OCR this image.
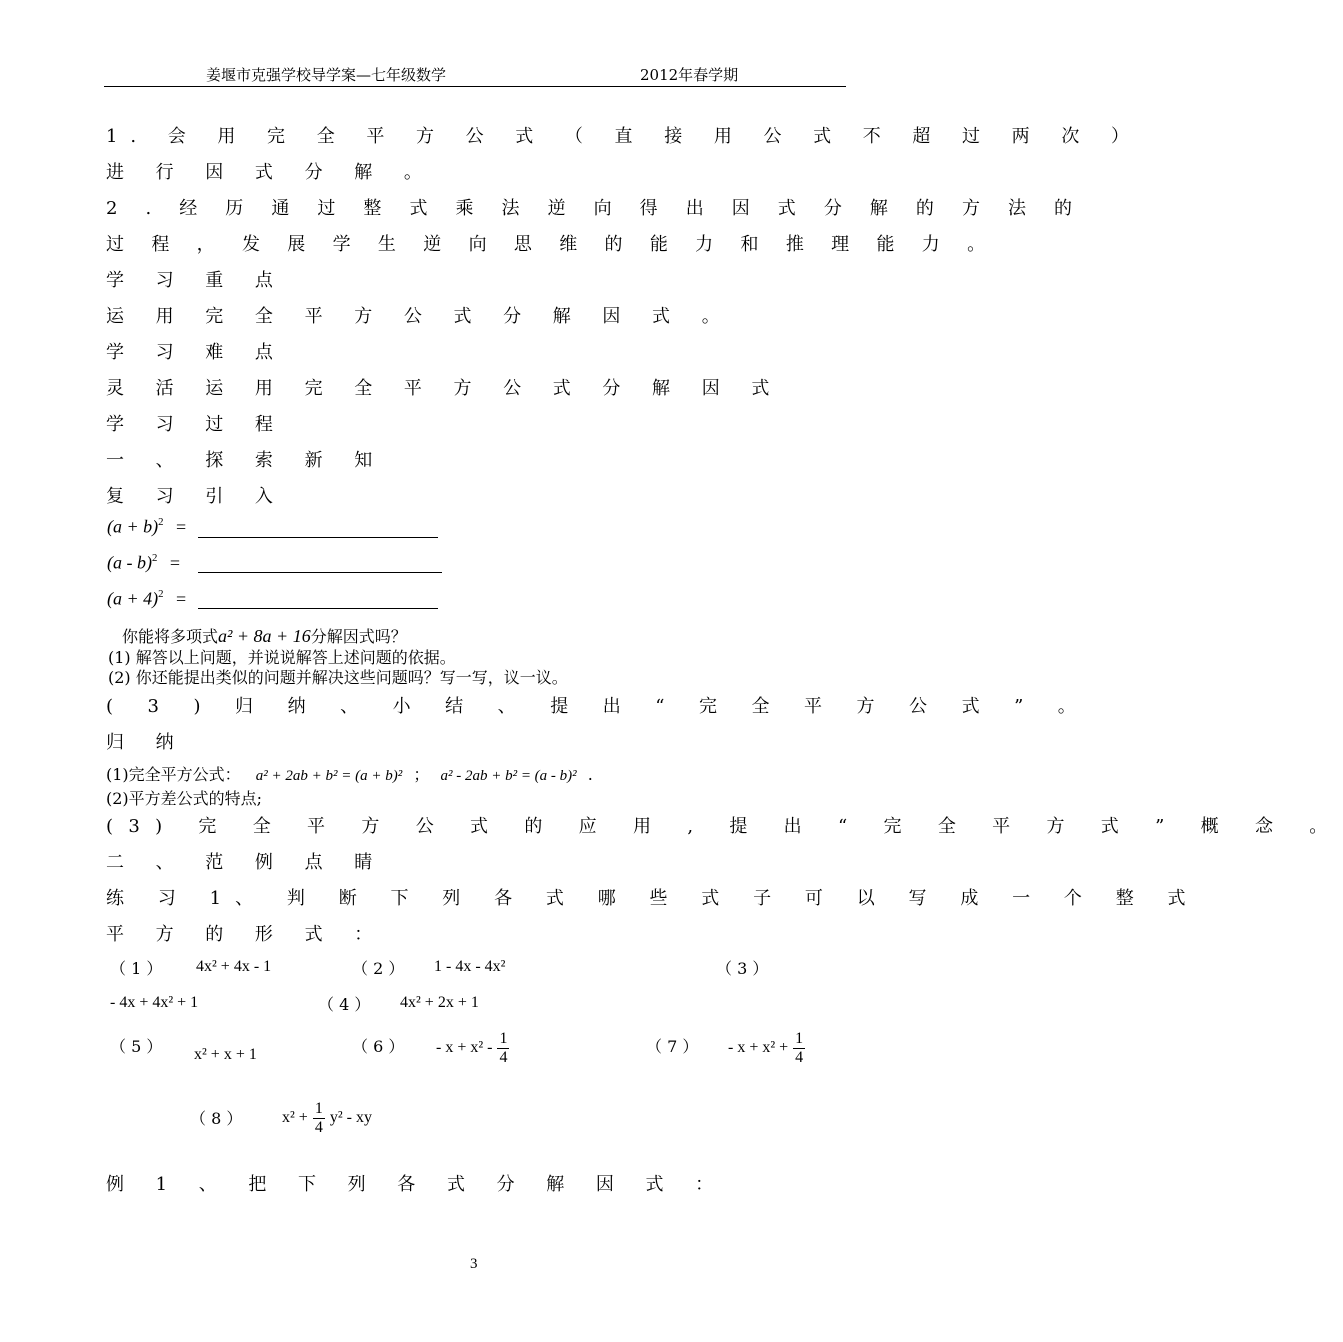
姜堰市克强学校导学案—七年级数学	2012年春学期
1. 会 用 完 全 平 方 公 式 （ 直 接 用 公 式 不 超 过 两 次 ）
进 行 因 式 分 解 。
2 . 经 历 通 过 整 式 乘 法 逆 向 得 出 因 式 分 解 的 方 法 的
过 程 ， 发 展 学 生 逆 向 思 维 的 能 力 和 推 理 能 力 。
学 习 重 点
运 用 完 全 平 方 公 式 分 解 因 式 。
学 习 难 点
灵 活 运 用 完 全 平 方 公 式 分 解 因 式
学 习 过 程
一 、 探 索 新 知
复 习 引 入
$(a + b)^2$ =
(a - b)$^2$ =
$(a + 4)^2$ =
你能将多项式a² + 8a + 16分解因式吗？
(1) 解答以上问题，并说说解答上述问题的依据。
(2) 你还能提出类似的问题并解决这些问题吗？写一写，议一议。
( 3 ) 归 纳 、 小 结 、 提 出 “ 完 全 平 方 公 式 ” 。
归 纳
(1)完全平方公式： a² + 2ab + b² = (a + b)² ； a² - 2ab + b² = (a - b)² .
(2)平方差公式的特点;
(3) 完 全 平 方 公 式 的 应 用 , 提 出 “ 完 全 平 方 式 ” 概 念 。
二 、 范 例 点 睛
练 习 1、 判 断 下 列 各 式 哪 些 式 子 可 以 写 成 一 个 整 式
平 方 的 形 式 ：
（ 1 ） 4x² + 4x - 1	（ 2 ） 1 - 4x - 4x²	（ 3 ）
- 4x + 4x² + 1	（ 4 ） 4x² + 2x + 1
（ 5 ） x² + x + 1	（ 6 ） - $x + x^2 - \frac{1}{4}$	（ 7 ） - $x + x^2 + \frac{1}{4}$
（ 8 ） $x^2 + \frac{1}{4} y^2$ - xy
例 1 、 把 下 列 各 式 分 解 因 式 ：
3
